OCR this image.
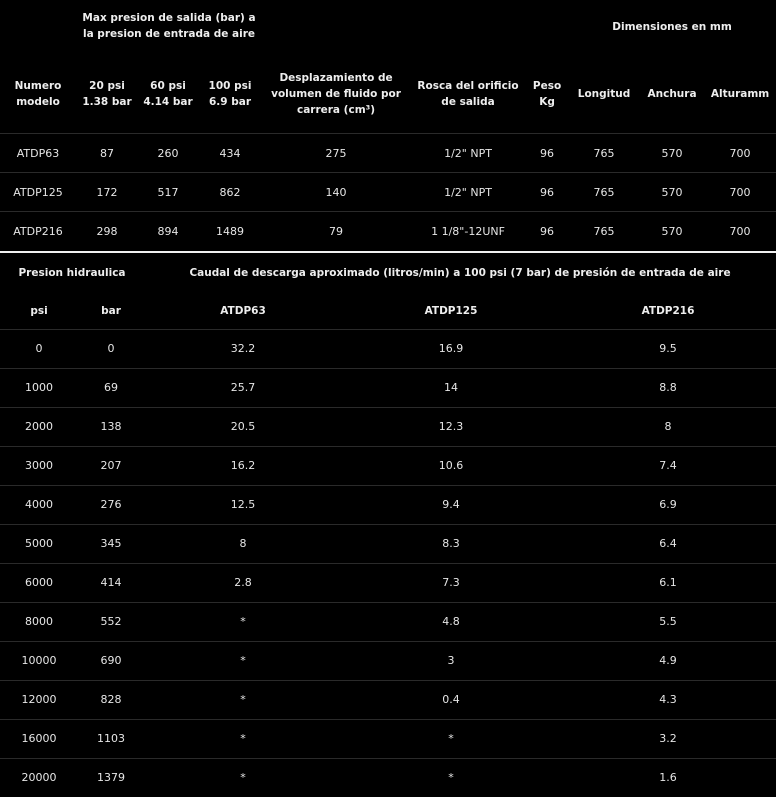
	Max presion de salida (bar) a la presion de entrada de aire						Dimensiones en mm		
Numero modelo	20 psi 1.38 bar	60 psi 4.14 bar	100 psi 6.9 bar	Desplazamiento de volumen de fluido por carrera (cm³)	Rosca del orificio de salida	Peso Kg	Longitud	Anchura	Alturamm
ATDP63	87	260	434	275	1/2" NPT	96	765	570	700
ATDP125	172	517	862	140	1/2" NPT	96	765	570	700
ATDP216	298	894	1489	79	1 1/8"-12UNF	96	765	570	700
Presion hidraulica		Caudal de descarga aproximado (litros/min) a 100 psi (7 bar) de presión de entrada de aire		
psi	bar	ATDP63	ATDP125	ATDP216
0	0	32.2	16.9	9.5
1000	69	25.7	14	8.8
2000	138	20.5	12.3	8
3000	207	16.2	10.6	7.4
4000	276	12.5	9.4	6.9
5000	345	8	8.3	6.4
6000	414	2.8	7.3	6.1
8000	552	*	4.8	5.5
10000	690	*	3	4.9
12000	828	*	0.4	4.3
16000	1103	*	*	3.2
20000	1379	*	*	1.6
